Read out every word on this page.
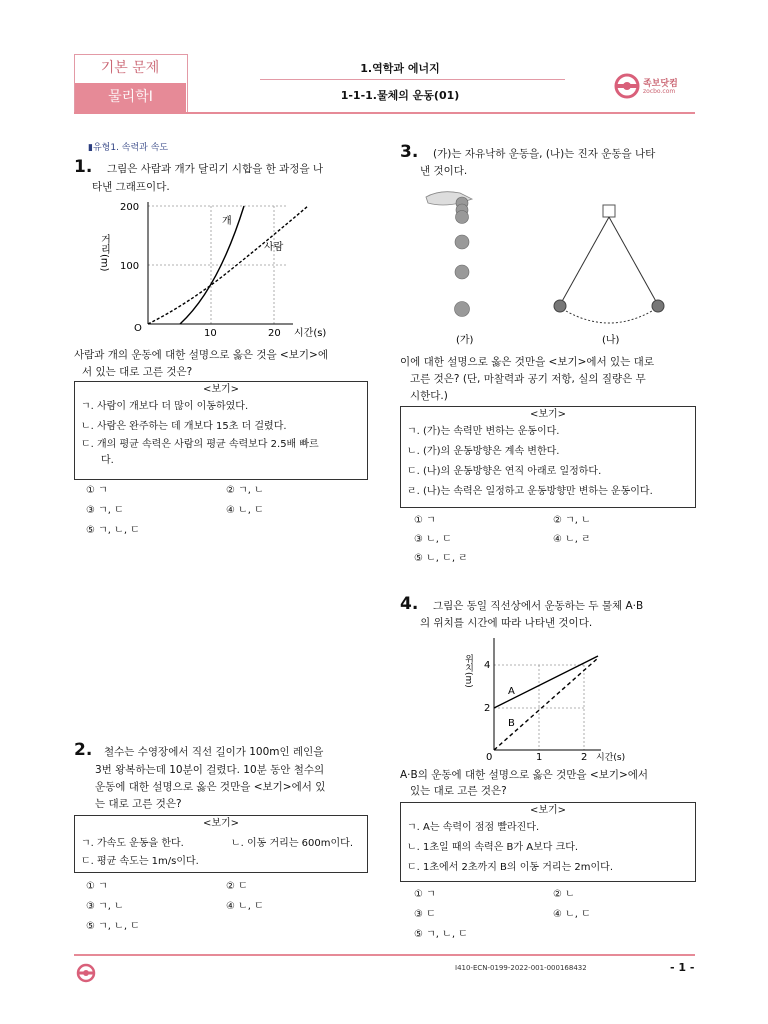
기본 문제
물리학Ⅰ
1.역학과 에너지
1-1-1.물체의 운동(01)
족보닷컴
zocbo.com
▮유형1. 속력과 속도
1. 그림은 사람과 개가 달리기 시합을 한 과정을 나
타낸 그래프이다.
거리(m)
200
100
O	10	20 시간(s)
개
사람
사람과 개의 운동에 대한 설명으로 옳은 것을 <보기>에
서 있는 대로 고른 것은?
<보기>
ㄱ. 사람이 개보다 더 많이 이동하였다.
ㄴ. 사람은 완주하는 데 개보다 15초 더 걸렸다.
ㄷ. 개의 평균 속력은 사람의 평균 속력보다 2.5배 빠르
다.
① ㄱ	② ㄱ, ㄴ
③ ㄱ, ㄷ	④ ㄴ, ㄷ
⑤ ㄱ, ㄴ, ㄷ
2. 철수는 수영장에서 직선 길이가 100m인 레인을
3번 왕복하는데 10분이 걸렸다. 10분 동안 철수의
운동에 대한 설명으로 옳은 것만을 <보기>에서 있
는 대로 고른 것은?
<보기>
ㄱ. 가속도 운동을 한다.	ㄴ. 이동 거리는 600m이다.
ㄷ. 평균 속도는 1m/s이다.
① ㄱ	② ㄷ
③ ㄱ, ㄴ	④ ㄴ, ㄷ
⑤ ㄱ, ㄴ, ㄷ
3. (가)는 자유낙하 운동을, (나)는 진자 운동을 나타
낸 것이다.
(가)	(나)
이에 대한 설명으로 옳은 것만을 <보기>에서 있는 대로
고른 것은? (단, 마찰력과 공기 저항, 실의 질량은 무
시한다.)
<보기>
ㄱ. (가)는 속력만 변하는 운동이다.
ㄴ. (가)의 운동방향은 계속 변한다.
ㄷ. (나)의 운동방향은 연직 아래로 일정하다.
ㄹ. (나)는 속력은 일정하고 운동방향만 변하는 운동이다.
① ㄱ	② ㄱ, ㄴ
③ ㄴ, ㄷ	④ ㄴ, ㄹ
⑤ ㄴ, ㄷ, ㄹ
4. 그림은 동일 직선상에서 운동하는 두 물체 A·B
의 위치를 시간에 따라 나타낸 것이다.
위치(m) 4
2
0	1	2 시간(s)
A
B
A·B의 운동에 대한 설명으로 옳은 것만을 <보기>에서
있는 대로 고른 것은?
<보기>
ㄱ. A는 속력이 점점 빨라진다.
ㄴ. 1초일 때의 속력은 B가 A보다 크다.
ㄷ. 1초에서 2초까지 B의 이동 거리는 2m이다.
① ㄱ	② ㄴ
③ ㄷ	④ ㄴ, ㄷ
⑤ ㄱ, ㄴ, ㄷ
I410-ECN-0199-2022-001-000168432	- 1 -
